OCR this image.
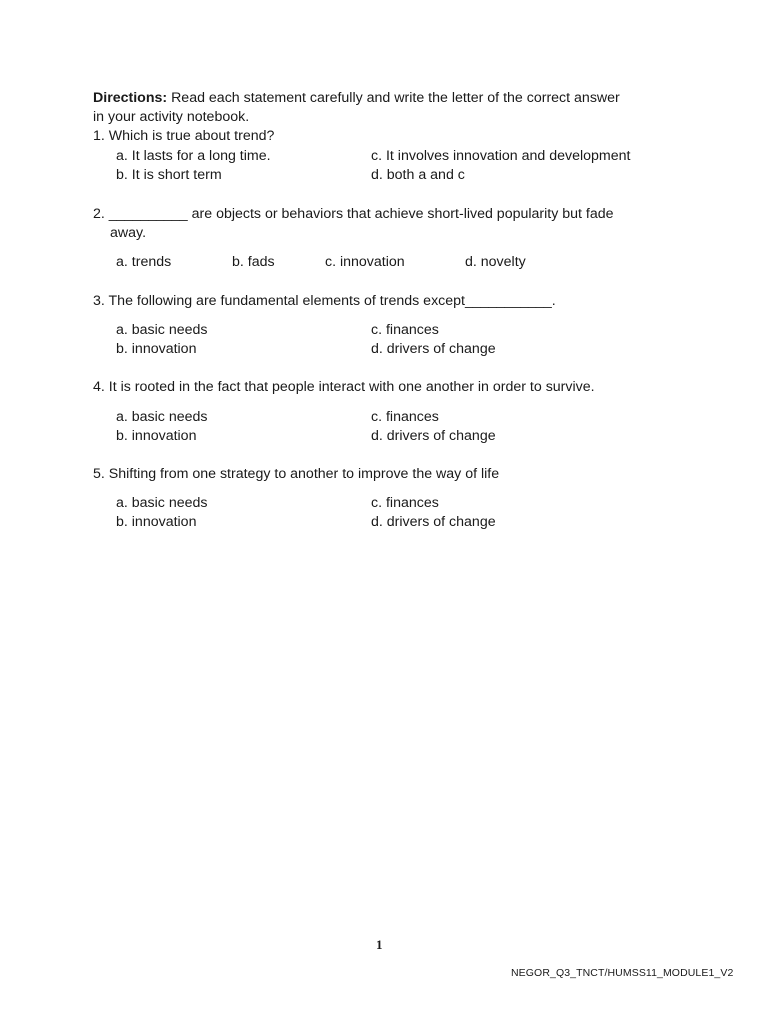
Directions: Read each statement carefully and write the letter of the correct answer
in your activity notebook.
1. Which is true about trend?
a. It lasts for a long time.	c. It involves innovation and development
b. It is short term	d. both a and c
2. __________ are objects or behaviors that achieve short-lived popularity but fade
away.
a. trends	b. fads	c. innovation	d. novelty
3. The following are fundamental elements of trends except___________.
a. basic needs	c. finances
b. innovation	d. drivers of change
4. It is rooted in the fact that people interact with one another in order to survive.
a. basic needs	c. finances
b. innovation	d. drivers of change
5. Shifting from one strategy to another to improve the way of life
a. basic needs	c. finances
b. innovation	d. drivers of change
1
NEGOR_Q3_TNCT/HUMSS11_MODULE1_V2
